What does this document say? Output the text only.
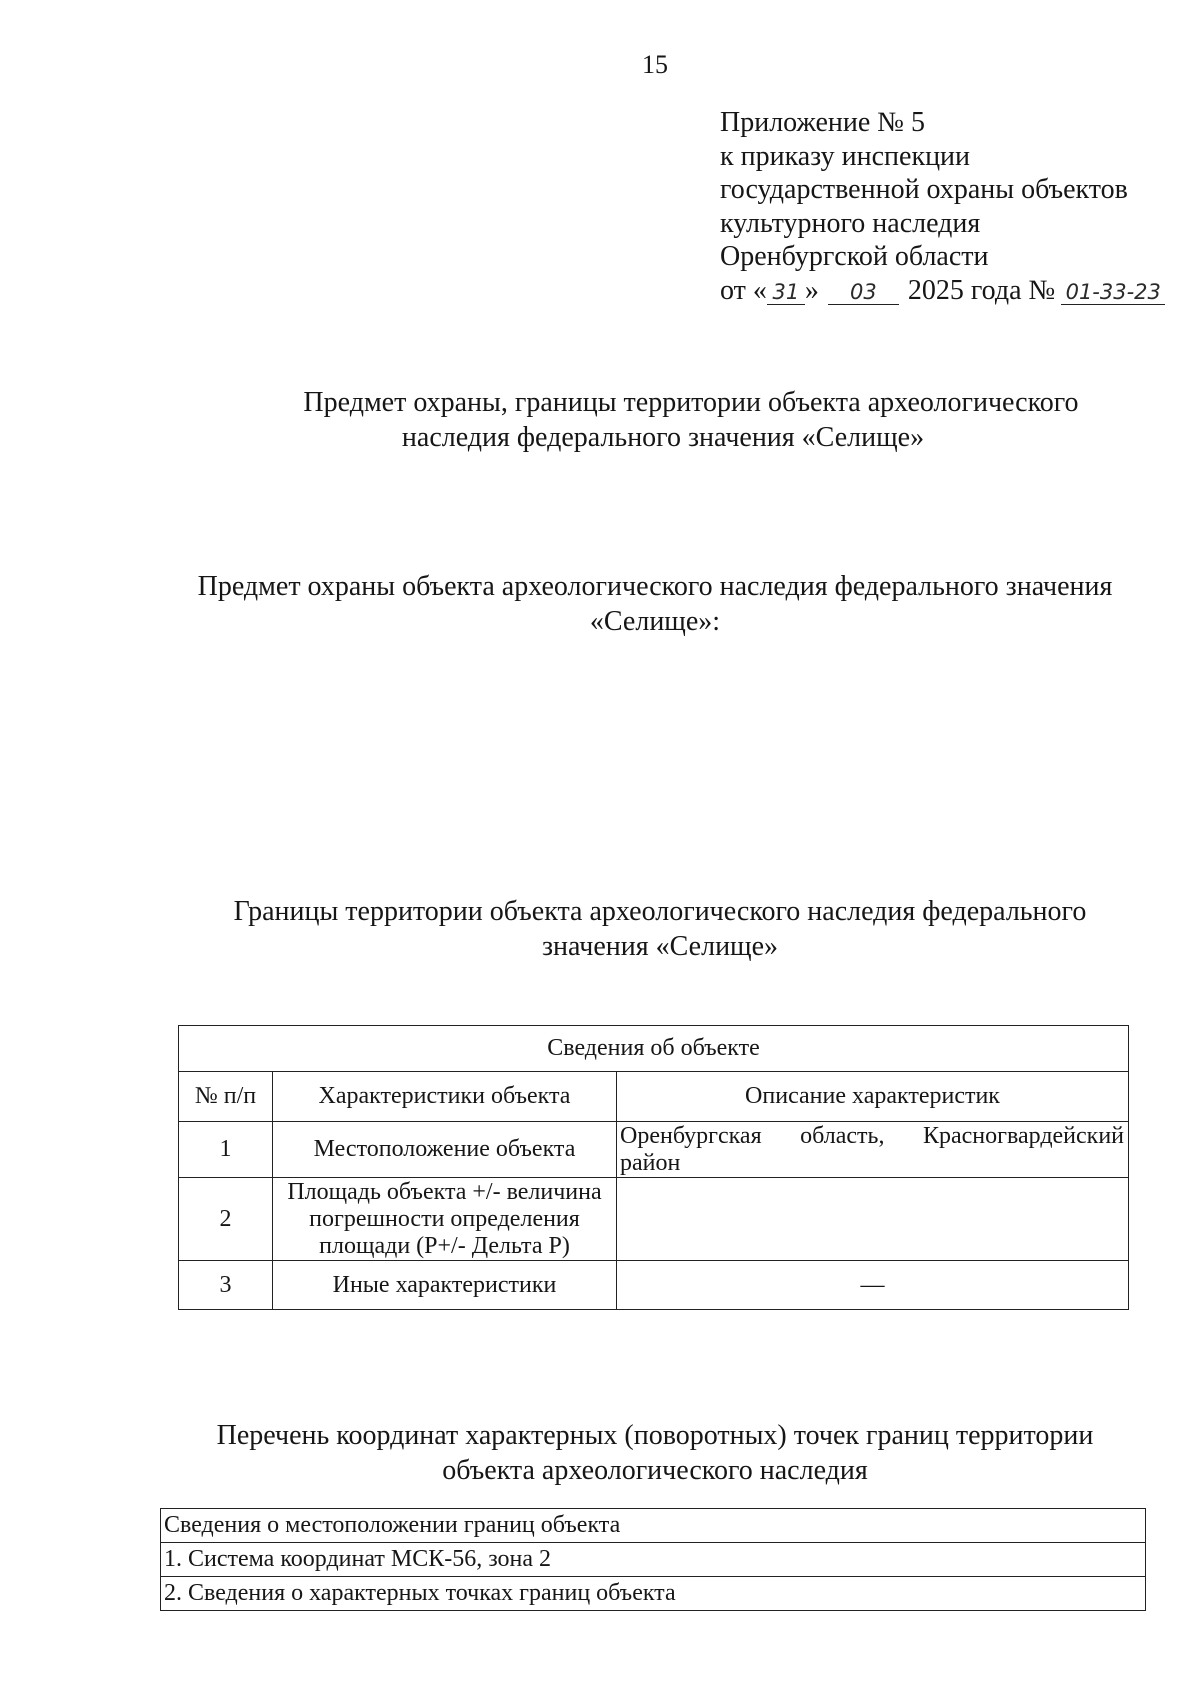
15
Приложение № 5
к приказу инспекции
государственной охраны объектов
культурного наследия
Оренбургской области
от « 31 »	03	2025 года № 01-33-23
Предмет охраны, границы территории объекта археологического
наследия федерального значения «Селище»
Предмет охраны объекта археологического наследия федерального значения
«Селище»:
Границы территории объекта археологического наследия федерального
значения «Селище»
Сведения об объекте		
№ п/п	Характеристики объекта	Описание характеристик
1	Местоположение объекта	Оренбургская область, Красногвардейский район
2	Площадь объекта +/- величина погрешности определения площади (Р+/- Дельта Р)	
3	Иные характеристики	—
Перечень координат характерных (поворотных) точек границ территории
объекта археологического наследия
Сведения о местоположении границ объекта
1. Система координат МСК-56, зона 2
2. Сведения о характерных точках границ объекта
